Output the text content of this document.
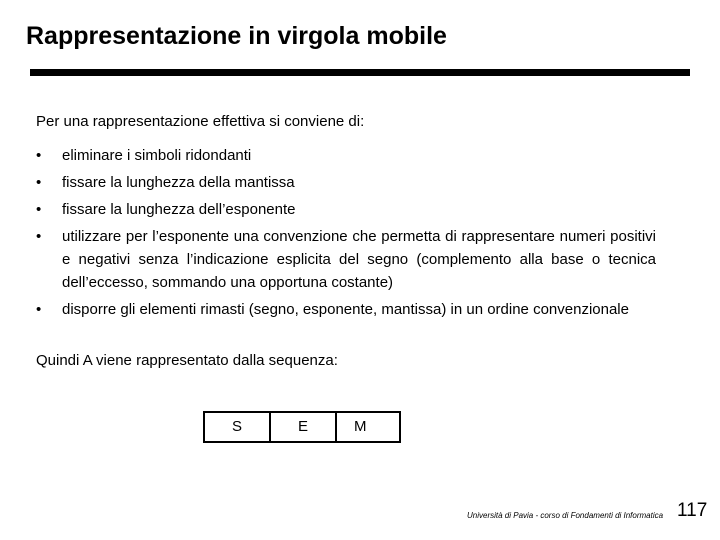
Rappresentazione in virgola mobile
Per una rappresentazione effettiva si conviene di:
•	eliminare i simboli ridondanti
•	fissare la lunghezza della mantissa
•	fissare la lunghezza dell’esponente
•	utilizzare per l’esponente una convenzione che permetta di rappresentare numeri positivi e negativi senza l’indicazione esplicita del segno (complemento alla base o tecnica dell’eccesso, sommando una opportuna costante)
•	disporre gli elementi rimasti (segno, esponente, mantissa) in un ordine convenzionale
Quindi A viene rappresentato dalla sequenza:
S	E	M
Università di Pavia - corso di Fondamenti di Informatica 117
